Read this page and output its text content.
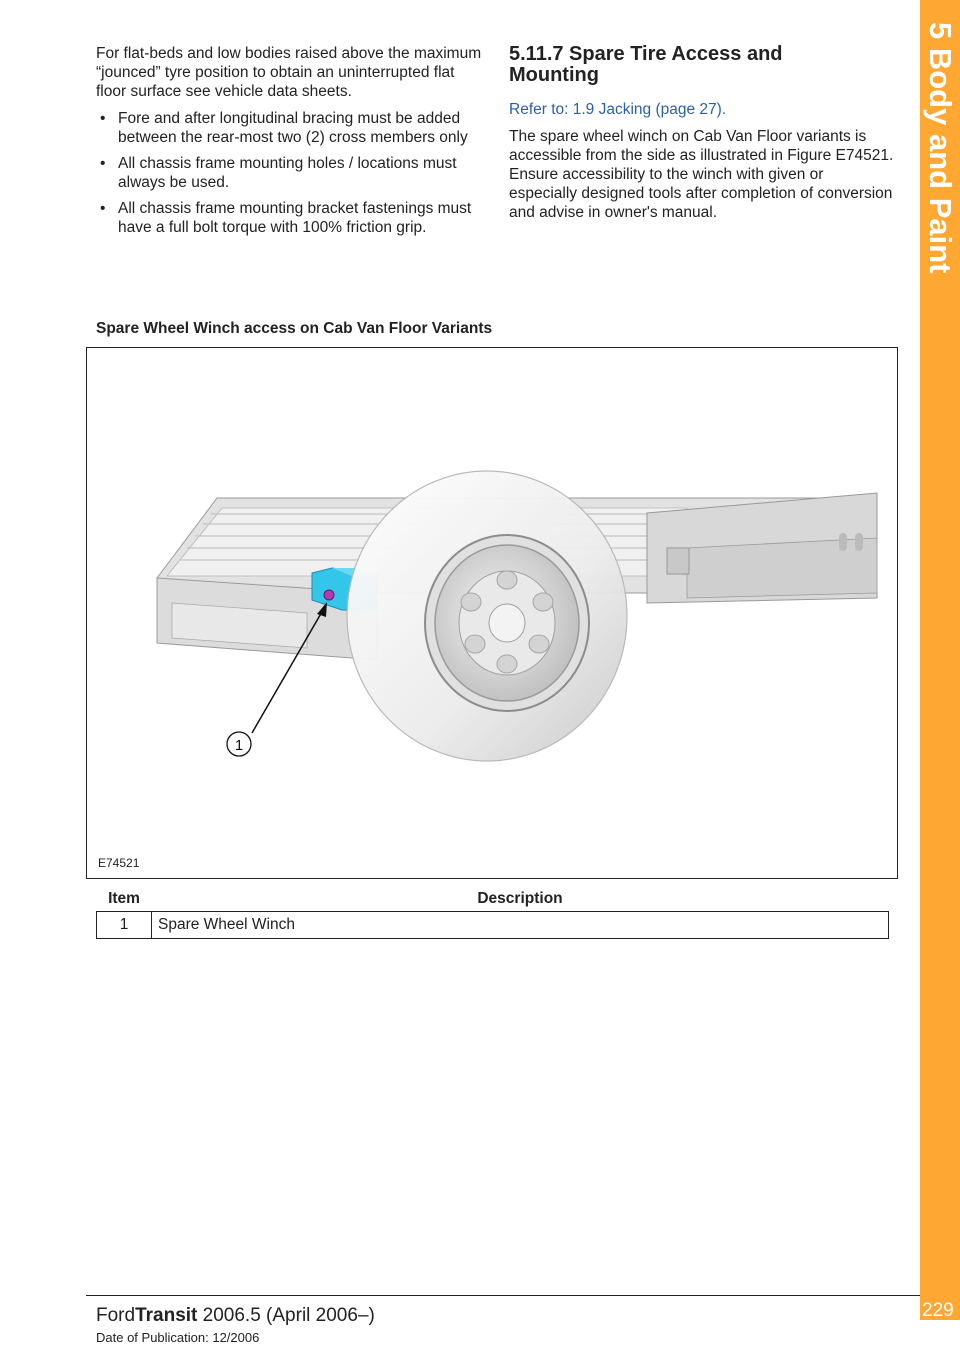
For flat-beds and low bodies raised above the maximum “jounced” tyre position to obtain an uninterrupted flat floor surface see vehicle data sheets.

• Fore and after longitudinal bracing must be added between the rear-most two (2) cross members only
• All chassis frame mounting holes / locations must always be used.
• All chassis frame mounting bracket fastenings must have a full bolt torque with 100% friction grip.
5.11.7 Spare Tire Access and
Mounting

Refer to: 1.9 Jacking (page 27).

The spare wheel winch on Cab Van Floor variants is accessible from the side as illustrated in Figure E74521. Ensure accessibility to the winch with given or especially designed tools after completion of conversion and advise in owner's manual.

Spare Wheel Winch access on Cab Van Floor Variants
1
E74521
Item	Description
1	Spare Wheel Winch
5 Body and Paint
229
FordTransit 2006.5 (April 2006–)
Date of Publication: 12/2006
